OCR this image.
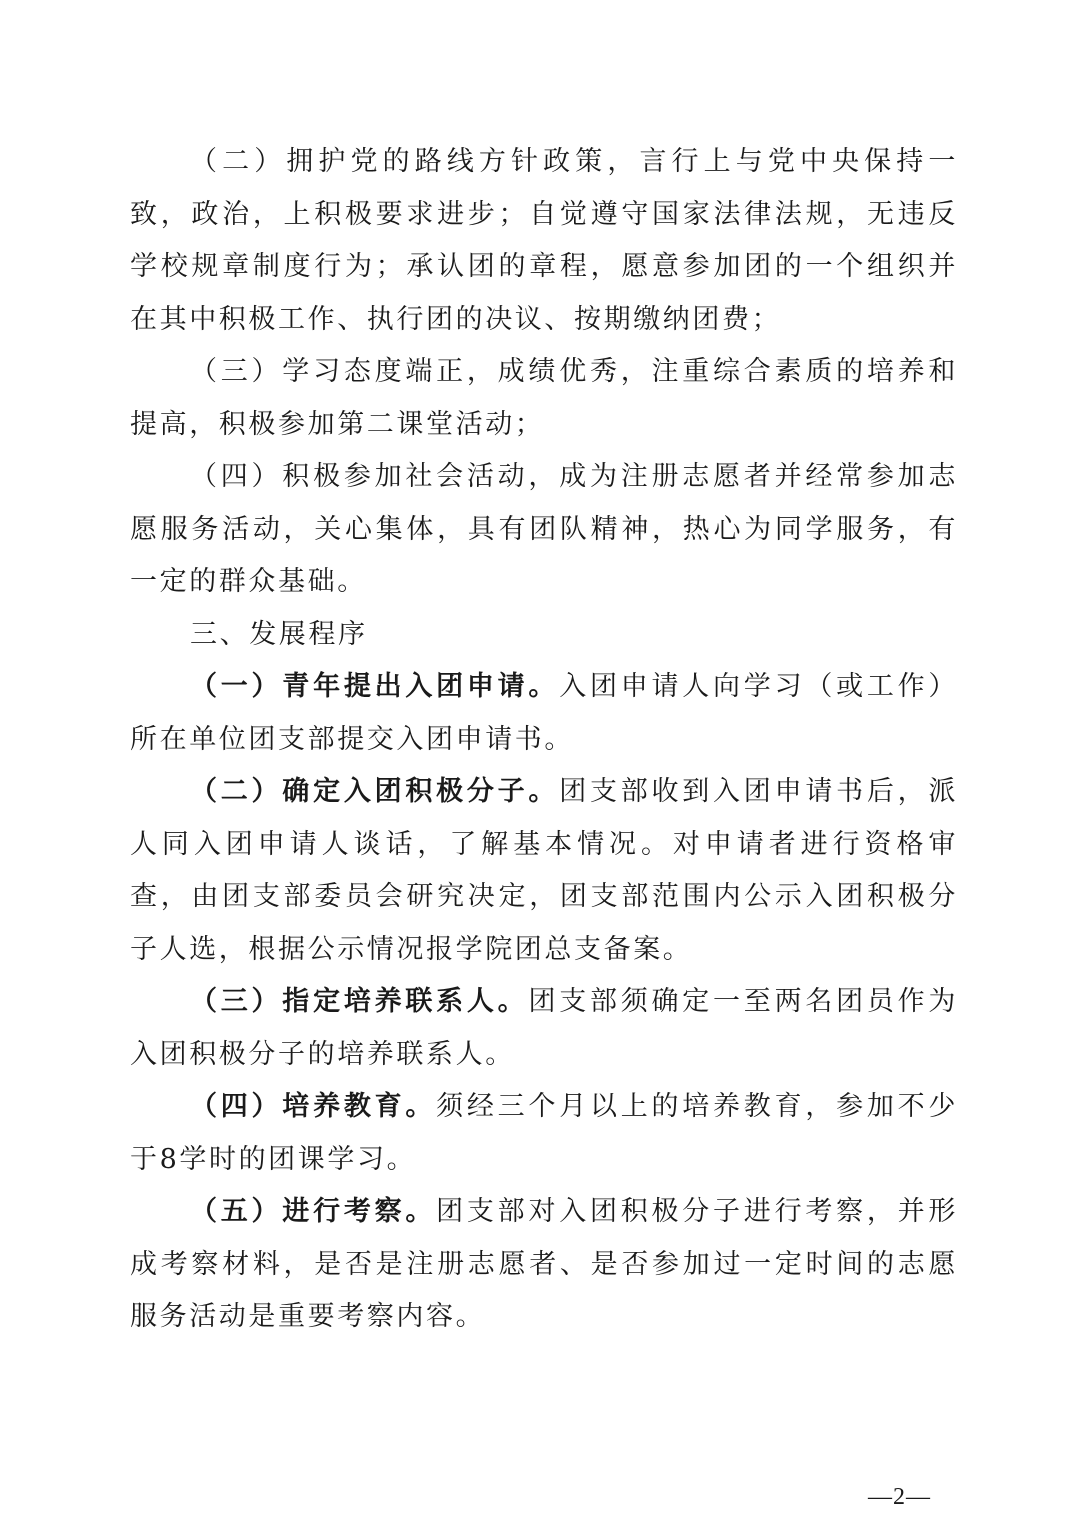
（二）拥护党的路线方针政策，言行上与党中央保持一致，政治，上积极要求进步；自觉遵守国家法律法规，无违反学校规章制度行为；承认团的章程，愿意参加团的一个组织并在其中积极工作、执行团的决议、按期缴纳团费；

（三）学习态度端正，成绩优秀，注重综合素质的培养和提高，积极参加第二课堂活动；

（四）积极参加社会活动，成为注册志愿者并经常参加志愿服务活动，关心集体，具有团队精神，热心为同学服务，有一定的群众基础。

三、发展程序

（一）青年提出入团申请。入团申请人向学习（或工作）所在单位团支部提交入团申请书。

（二）确定入团积极分子。团支部收到入团申请书后，派人同入团申请人谈话，了解基本情况。对申请者进行资格审查，由团支部委员会研究决定，团支部范围内公示入团积极分子人选，根据公示情况报学院团总支备案。

（三）指定培养联系人。团支部须确定一至两名团员作为入团积极分子的培养联系人。

（四）培养教育。须经三个月以上的培养教育，参加不少于8学时的团课学习。

（五）进行考察。团支部对入团积极分子进行考察，并形成考察材料，是否是注册志愿者、是否参加过一定时间的志愿服务活动是重要考察内容。

—2—
